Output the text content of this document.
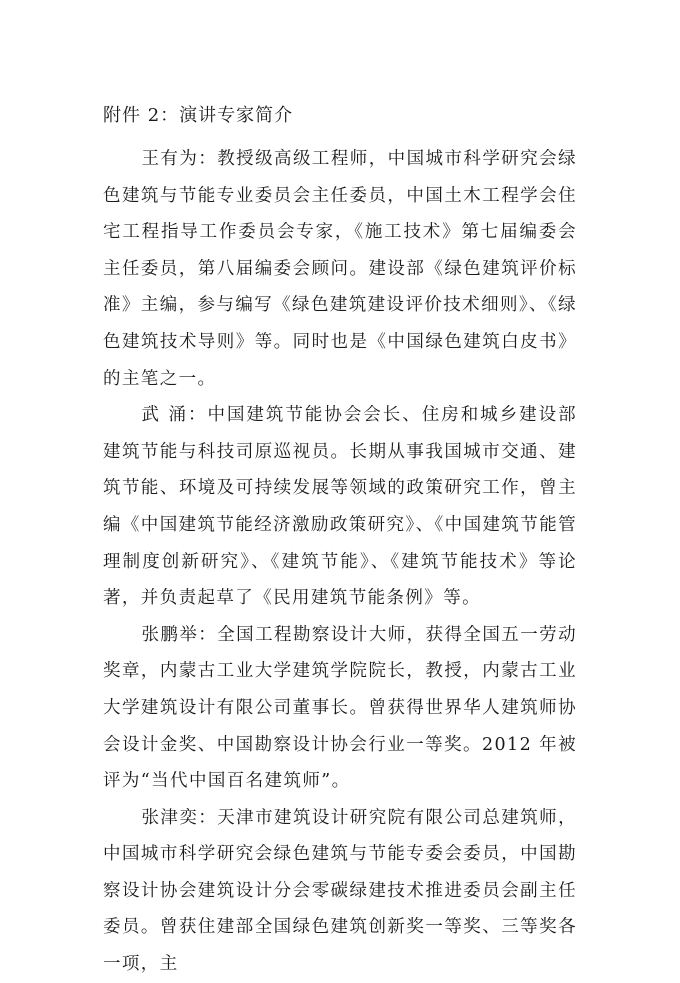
附件 2：演讲专家简介

王有为：教授级高级工程师，中国城市科学研究会绿色建筑与节能专业委员会主任委员，中国土木工程学会住宅工程指导工作委员会专家，《施工技术》第七届编委会主任委员，第八届编委会顾问。建设部《绿色建筑评价标准》主编，参与编写《绿色建筑建设评价技术细则》、《绿色建筑技术导则》等。同时也是《中国绿色建筑白皮书》的主笔之一。

武 涌：中国建筑节能协会会长、住房和城乡建设部建筑节能与科技司原巡视员。长期从事我国城市交通、建筑节能、环境及可持续发展等领域的政策研究工作，曾主编《中国建筑节能经济激励政策研究》、《中国建筑节能管理制度创新研究》、《建筑节能》、《建筑节能技术》等论著，并负责起草了《民用建筑节能条例》等。

张鹏举：全国工程勘察设计大师，获得全国五一劳动奖章，内蒙古工业大学建筑学院院长，教授，内蒙古工业大学建筑设计有限公司董事长。曾获得世界华人建筑师协会设计金奖、中国勘察设计协会行业一等奖。2012 年被评为“当代中国百名建筑师”。

张津奕：天津市建筑设计研究院有限公司总建筑师，中国城市科学研究会绿色建筑与节能专委会委员，中国勘察设计协会建筑设计分会零碳绿建技术推进委员会副主任委员。曾获住建部全国绿色建筑创新奖一等奖、三等奖各一项，主
